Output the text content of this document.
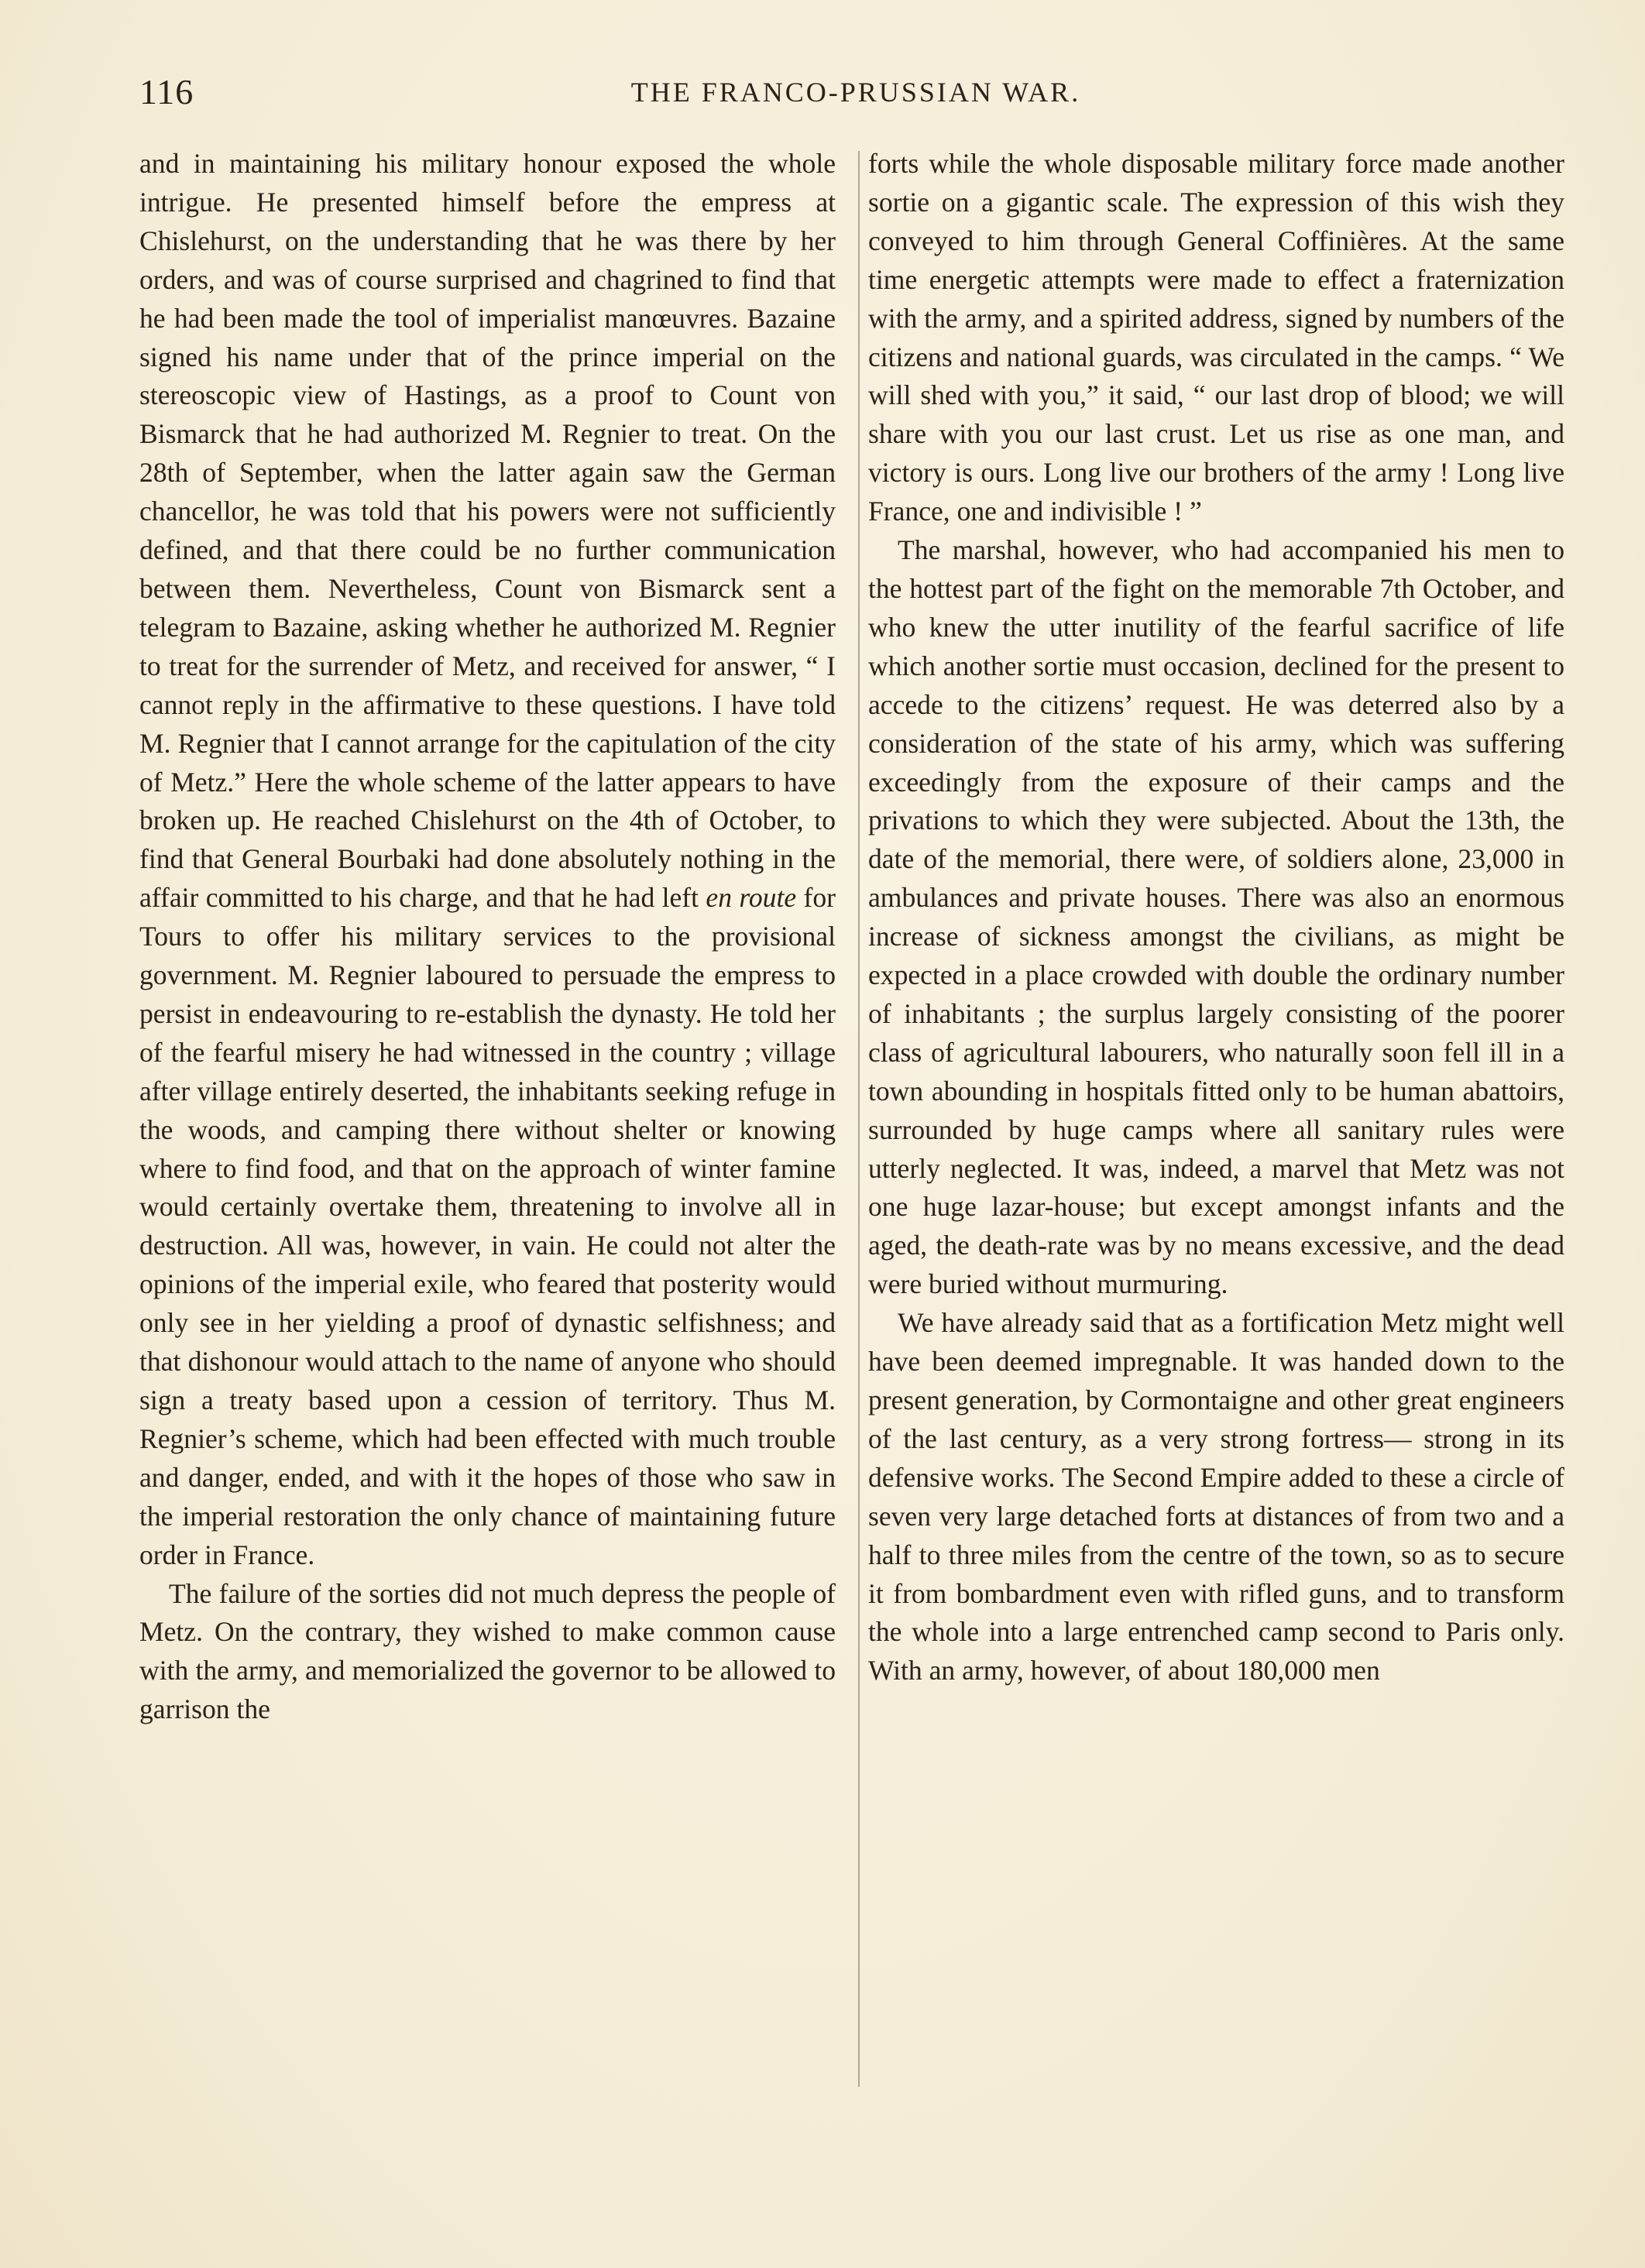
116	THE FRANCO-PRUSSIAN WAR.

and in maintaining his military honour exposed the whole intrigue. He presented himself before the empress at Chislehurst, on the understanding that he was there by her orders, and was of course surprised and chagrined to find that he had been made the tool of imperialist manœuvres. Bazaine signed his name under that of the prince imperial on the stereoscopic view of Hastings, as a proof to Count von Bismarck that he had authorized M. Regnier to treat. On the 28th of September, when the latter again saw the German chancellor, he was told that his powers were not sufficiently defined, and that there could be no further communication between them. Nevertheless, Count von Bismarck sent a telegram to Bazaine, asking whether he authorized M. Regnier to treat for the surrender of Metz, and received for answer, “ I cannot reply in the affirmative to these questions. I have told M. Regnier that I cannot arrange for the capitulation of the city of Metz.” Here the whole scheme of the latter appears to have broken up. He reached Chislehurst on the 4th of October, to find that General Bourbaki had done absolutely nothing in the affair committed to his charge, and that he had left en route for Tours to offer his military services to the provisional government. M. Regnier laboured to persuade the empress to persist in endeavouring to re-establish the dynasty. He told her of the fearful misery he had witnessed in the country ; village after village entirely deserted, the inhabitants seeking refuge in the woods, and camping there without shelter or knowing where to find food, and that on the approach of winter famine would certainly overtake them, threatening to involve all in destruction. All was, however, in vain. He could not alter the opinions of the imperial exile, who feared that posterity would only see in her yielding a proof of dynastic selfishness; and that dishonour would attach to the name of anyone who should sign a treaty based upon a cession of territory. Thus M. Regnier’s scheme, which had been effected with much trouble and danger, ended, and with it the hopes of those who saw in the imperial restoration the only chance of maintaining future order in France.

The failure of the sorties did not much depress the people of Metz. On the contrary, they wished to make common cause with the army, and memorialized the governor to be allowed to garrison the

forts while the whole disposable military force made another sortie on a gigantic scale. The expression of this wish they conveyed to him through General Coffinières. At the same time energetic attempts were made to effect a fraternization with the army, and a spirited address, signed by numbers of the citizens and national guards, was circulated in the camps. “ We will shed with you,” it said, “ our last drop of blood; we will share with you our last crust. Let us rise as one man, and victory is ours. Long live our brothers of the army ! Long live France, one and indivisible ! ”

The marshal, however, who had accompanied his men to the hottest part of the fight on the memorable 7th October, and who knew the utter inutility of the fearful sacrifice of life which another sortie must occasion, declined for the present to accede to the citizens’ request. He was deterred also by a consideration of the state of his army, which was suffering exceedingly from the exposure of their camps and the privations to which they were subjected. About the 13th, the date of the memorial, there were, of soldiers alone, 23,000 in ambulances and private houses. There was also an enormous increase of sickness amongst the civilians, as might be expected in a place crowded with double the ordinary number of inhabitants ; the surplus largely consisting of the poorer class of agricultural labourers, who naturally soon fell ill in a town abounding in hospitals fitted only to be human abattoirs, surrounded by huge camps where all sanitary rules were utterly neglected. It was, indeed, a marvel that Metz was not one huge lazar-house; but except amongst infants and the aged, the death-rate was by no means excessive, and the dead were buried without murmuring.

We have already said that as a fortification Metz might well have been deemed impregnable. It was handed down to the present generation, by Cormontaigne and other great engineers of the last century, as a very strong fortress— strong in its defensive works. The Second Empire added to these a circle of seven very large detached forts at distances of from two and a half to three miles from the centre of the town, so as to secure it from bombardment even with rifled guns, and to transform the whole into a large entrenched camp second to Paris only. With an army, however, of about 180,000 men
